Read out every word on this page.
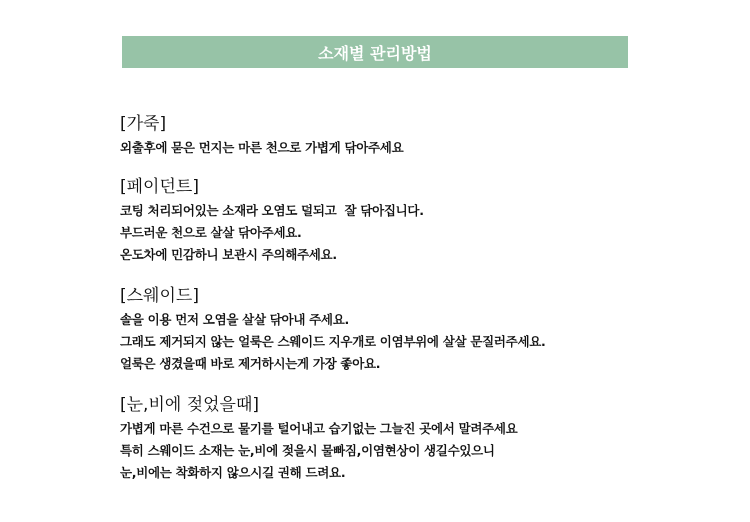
소재별 관리방법
[가죽]
외출후에 묻은 먼지는 마른 천으로 가볍게 닦아주세요
[페이던트]
코팅 처리되어있는 소재라 오염도 덜되고  잘 닦아집니다.
부드러운 천으로 살살 닦아주세요.
온도차에 민감하니 보관시 주의해주세요.
[스웨이드]
솔을 이용 먼저 오염을 살살 닦아내 주세요.
그래도 제거되지 않는 얼룩은 스웨이드 지우개로 이염부위에 살살 문질러주세요.
얼룩은 생겼을때 바로 제거하시는게 가장 좋아요.
[눈,비에 젖었을때]
가볍게 마른 수건으로 물기를 털어내고 습기없는 그늘진 곳에서 말려주세요
특히 스웨이드 소재는 눈,비에 젖을시 물빠짐,이염현상이 생길수있으니
눈,비에는 착화하지 않으시길 권해 드려요.
